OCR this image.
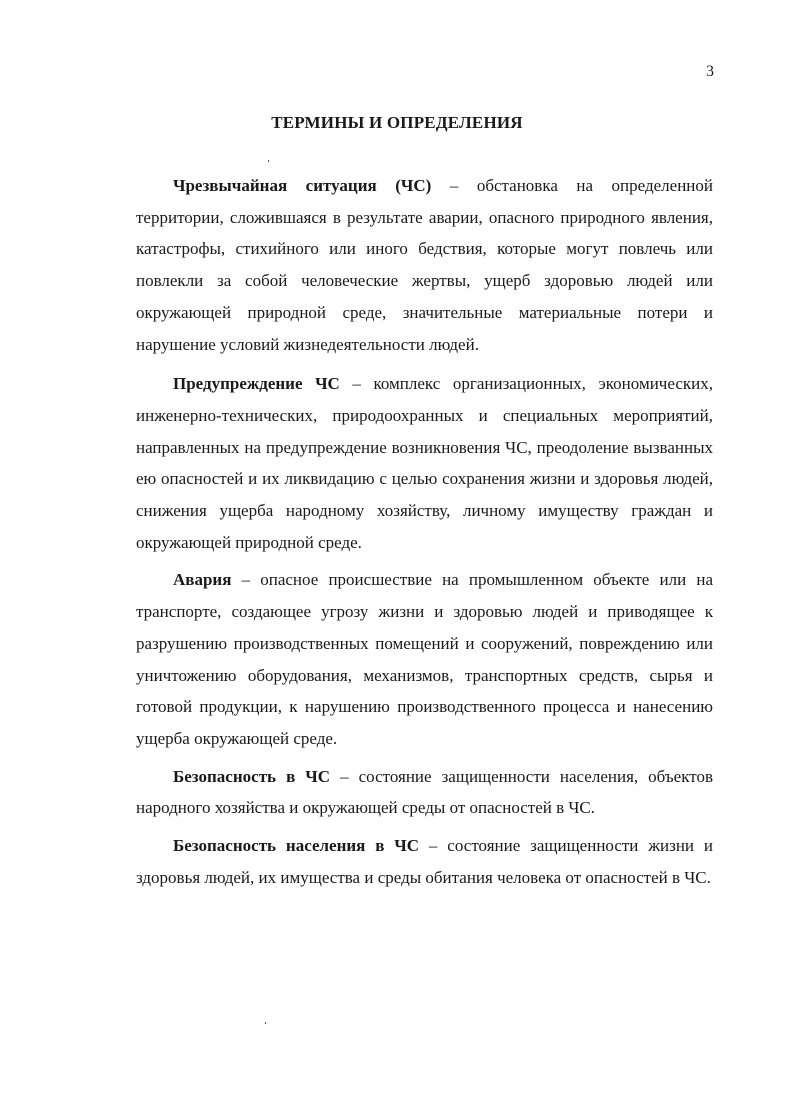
3
ТЕРМИНЫ И ОПРЕДЕЛЕНИЯ

Чрезвычайная ситуация (ЧС) – обстановка на определенной территории, сложившаяся в результате аварии, опасного природного явления, катастрофы, стихийного или иного бедствия, которые могут повлечь или повлекли за собой человеческие жертвы, ущерб здоровью людей или окружающей природной среде, значительные материальные потери и нарушение условий жизнедеятельности людей.

Предупреждение ЧС – комплекс организационных, экономических, инженерно-технических, природоохранных и специальных мероприятий, направленных на предупреждение возникновения ЧС, преодоление вызванных ею опасностей и их ликвидацию с целью сохранения жизни и здоровья людей, снижения ущерба народному хозяйству, личному имуществу граждан и окружающей природной среде.

Авария – опасное происшествие на промышленном объекте или на транспорте, создающее угрозу жизни и здоровью людей и приводящее к разрушению производственных помещений и сооружений, повреждению или уничтожению оборудования, механизмов, транспортных средств, сырья и готовой продукции, к нарушению производственного процесса и нанесению ущерба окружающей среде.

Безопасность в ЧС – состояние защищенности населения, объектов народного хозяйства и окружающей среды от опасностей в ЧС.

Безопасность населения в ЧС – состояние защищенности жизни и здоровья людей, их имущества и среды обитания человека от опасностей в ЧС.
